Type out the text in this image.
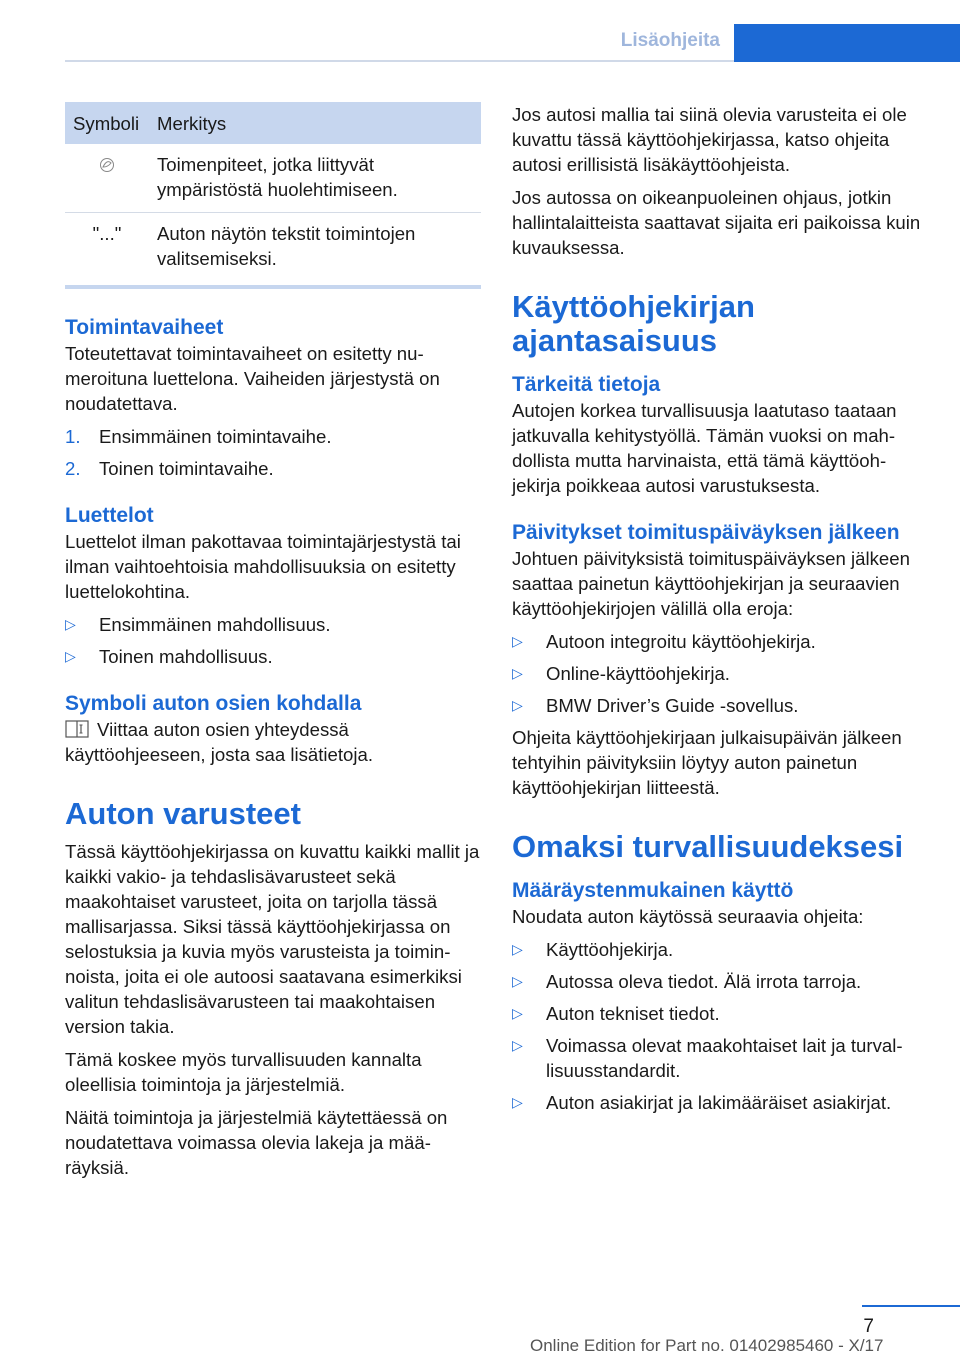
Lisäohjeita
Symboli	Merkitys
	Toimenpiteet, jotka liittyvät ympäristöstä huolehtimiseen.
"..."	Auton näytön tekstit toimintojen valitsemiseksi.
Toimintavaiheet

Toteutettavat toimintavaiheet on esitetty numeroituna luettelona. Vaiheiden järjestystä on noudatettava.

1. Ensimmäinen toimintavaihe.
2. Toinen toimintavaihe.
Luettelot

Luettelot ilman pakottavaa toimintajärjestystä tai ilman vaihtoehtoisia mahdollisuuksia on esitetty luettelokohtina.

▷	Ensimmäinen mahdollisuus.
▷	Toinen mahdollisuus.
Symboli auton osien kohdalla

Viittaa auton osien yhteydessä käyttöohjeeseen, josta saa lisätietoja.

Auton varusteet

Tässä käyttöohjekirjassa on kuvattu kaikki mallit ja kaikki vakio- ja tehdaslisävarusteet sekä maakohtaiset varusteet, joita on tarjolla tässä mallisarjassa. Siksi tässä käyttöohjekirjassa on selostuksia ja kuvia myös varusteista ja toiminnoista, joita ei ole autoosi saatavana esimerkiksi valitun tehdaslisävarusteen tai maakohtaisen version takia.

Tämä koskee myös turvallisuuden kannalta oleellisia toimintoja ja järjestelmiä.

Näitä toimintoja ja järjestelmiä käytettäessä on noudatettava voimassa olevia lakeja ja määräyksiä.

Jos autosi mallia tai siinä olevia varusteita ei ole kuvattu tässä käyttöohjekirjassa, katso ohjeita autosi erillisistä lisäkäyttöohjeista.

Jos autossa on oikeanpuoleinen ohjaus, jotkin hallintalaitteista saattavat sijaita eri paikoissa kuin kuvauksessa.

Käyttöohjekirjan ajantasaisuus
Tärkeitä tietoja

Autojen korkea turvallisuusja laatutaso taataan jatkuvalla kehitystyöllä. Tämän vuoksi on mahdollista mutta harvinaista, että tämä käyttöohjekirja poikkeaa autosi varustuksesta.

Päivitykset toimituspäiväyksen jälkeen

Johtuen päivityksistä toimituspäiväyksen jälkeen saattaa painetun käyttöohjekirjan ja seuraavien käyttöohjekirjojen välillä olla eroja:

▷	Autoon integroitu käyttöohjekirja.
▷	Online-käyttöohjekirja.
▷	BMW Driver’s Guide -sovellus.

Ohjeita käyttöohjekirjaan julkaisupäivän jälkeen tehtyihin päivityksiin löytyy auton painetun käyttöohjekirjan liitteestä.

Omaksi turvallisuudeksesi
Määräystenmukainen käyttö

Noudata auton käytössä seuraavia ohjeita:

▷	Käyttöohjekirja.
▷	Autossa oleva tiedot. Älä irrota tarroja.
▷	Auton tekniset tiedot.
▷	Voimassa olevat maakohtaiset lait ja turvallisuusstandardit.
▷	Auton asiakirjat ja lakimääräiset asiakirjat.
7
Online Edition for Part no. 01402985460 - X/17
